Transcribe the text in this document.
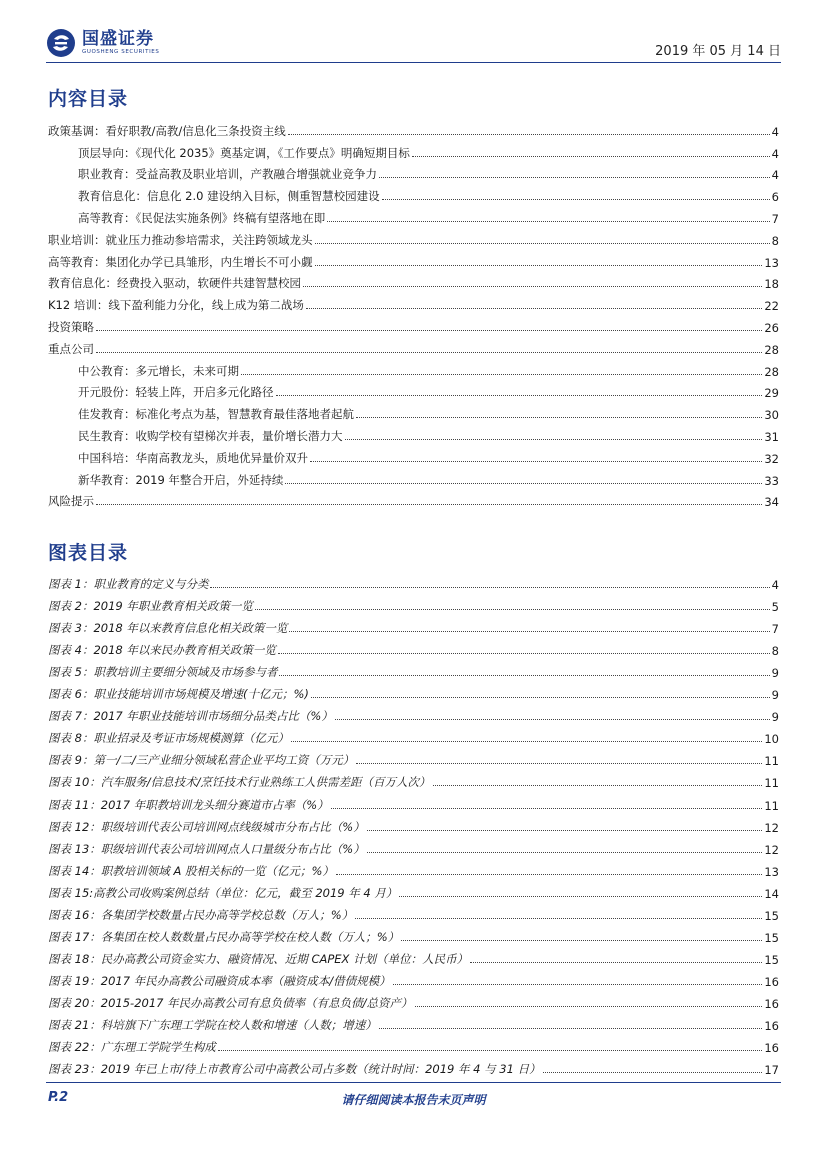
国盛证券
GUOSHENG SECURITIES	2019 年 05 月 14 日
内容目录
政策基调：看好职教/高教/信息化三条投资主线	4
顶层导向：《现代化 2035》奠基定调，《工作要点》明确短期目标	4
职业教育：受益高教及职业培训，产教融合增强就业竞争力	4
教育信息化：信息化 2.0 建设纳入目标，侧重智慧校园建设	6
高等教育：《民促法实施条例》终稿有望落地在即	7
职业培训：就业压力推动参培需求，关注跨领域龙头	8
高等教育：集团化办学已具雏形，内生增长不可小觑	13
教育信息化：经费投入驱动，软硬件共建智慧校园	18
K12 培训：线下盈利能力分化，线上成为第二战场	22
投资策略	26
重点公司	28
中公教育：多元增长，未来可期	28
开元股份：轻装上阵，开启多元化路径	29
佳发教育：标准化考点为基，智慧教育最佳落地者起航	30
民生教育：收购学校有望梯次并表，量价增长潜力大	31
中国科培：华南高教龙头，质地优异量价双升	32
新华教育：2019 年整合开启，外延持续	33
风险提示	34
图表目录
图表 1：职业教育的定义与分类	4
图表 2：2019 年职业教育相关政策一览	5
图表 3：2018 年以来教育信息化相关政策一览	7
图表 4：2018 年以来民办教育相关政策一览	8
图表 5：职教培训主要细分领域及市场参与者	9
图表 6：职业技能培训市场规模及增速(十亿元；%)	9
图表 7：2017 年职业技能培训市场细分品类占比（%）	9
图表 8：职业招录及考证市场规模测算（亿元）	10
图表 9：第一/二/三产业细分领域私营企业平均工资（万元）	11
图表 10：汽车服务/信息技术/烹饪技术行业熟练工人供需差距（百万人次）	11
图表 11：2017 年职教培训龙头细分赛道市占率（%）	11
图表 12：职级培训代表公司培训网点线级城市分布占比（%）	12
图表 13：职级培训代表公司培训网点人口量级分布占比（%）	12
图表 14：职教培训领域 A 股相关标的一览（亿元；%）	13
图表 15:高教公司收购案例总结（单位：亿元，截至 2019 年 4 月）	14
图表 16：各集团学校数量占民办高等学校总数（万人；%）	15
图表 17：各集团在校人数数量占民办高等学校在校人数（万人；%）	15
图表 18：民办高教公司资金实力、融资情况、近期 CAPEX 计划（单位：人民币）	15
图表 19：2017 年民办高教公司融资成本率（融资成本/借债规模）	16
图表 20：2015-2017 年民办高教公司有息负债率（有息负债/总资产）	16
图表 21：科培旗下广东理工学院在校人数和增速（人数；增速）	16
图表 22：广东理工学院学生构成	16
图表 23：2019 年已上市/待上市教育公司中高教公司占多数（统计时间：2019 年 4 与 31 日）	17
P.2	请仔细阅读本报告末页声明
